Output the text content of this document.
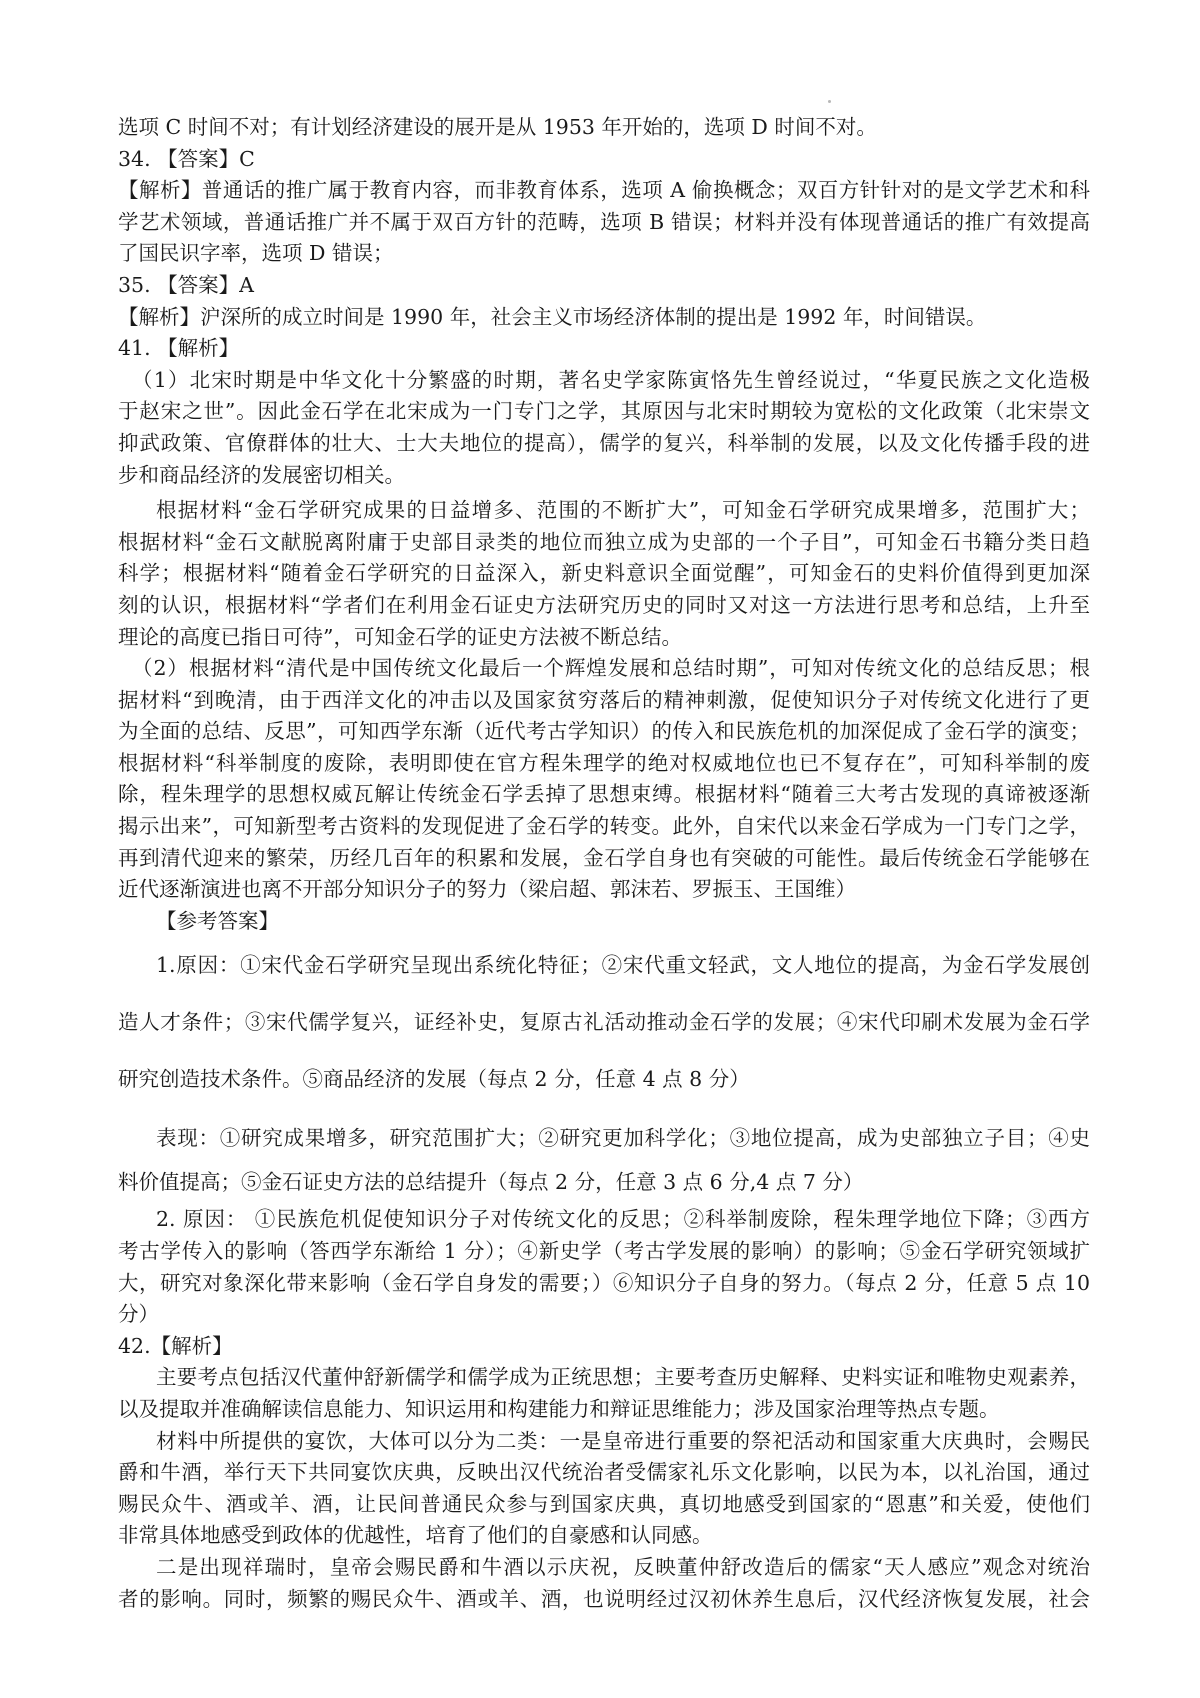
选项 C 时间不对；有计划经济建设的展开是从 1953 年开始的，选项 D 时间不对。
34. 【答案】C
【解析】普通话的推广属于教育内容，而非教育体系，选项 A 偷换概念；双百方针针对的是文学艺术和科
学艺术领域，普通话推广并不属于双百方针的范畴，选项 B 错误；材料并没有体现普通话的推广有效提高
了国民识字率，选项 D 错误；
35. 【答案】A
【解析】沪深所的成立时间是 1990 年，社会主义市场经济体制的提出是 1992 年，时间错误。
41. 【解析】
（1）北宋时期是中华文化十分繁盛的时期，著名史学家陈寅恪先生曾经说过，“华夏民族之文化造极
于赵宋之世”。因此金石学在北宋成为一门专门之学，其原因与北宋时期较为宽松的文化政策（北宋崇文
抑武政策、官僚群体的壮大、士大夫地位的提高），儒学的复兴，科举制的发展，以及文化传播手段的进
步和商品经济的发展密切相关。
根据材料“金石学研究成果的日益增多、范围的不断扩大”，可知金石学研究成果增多，范围扩大；
根据材料“金石文献脱离附庸于史部目录类的地位而独立成为史部的一个子目”，可知金石书籍分类日趋
科学；根据材料“随着金石学研究的日益深入，新史料意识全面觉醒”，可知金石的史料价值得到更加深
刻的认识，根据材料“学者们在利用金石证史方法研究历史的同时又对这一方法进行思考和总结，上升至
理论的高度已指日可待”，可知金石学的证史方法被不断总结。
（2）根据材料“清代是中国传统文化最后一个辉煌发展和总结时期”，可知对传统文化的总结反思；根
据材料“到晚清，由于西洋文化的冲击以及国家贫穷落后的精神刺激，促使知识分子对传统文化进行了更
为全面的总结、反思”，可知西学东渐（近代考古学知识）的传入和民族危机的加深促成了金石学的演变；
根据材料“科举制度的废除，表明即使在官方程朱理学的绝对权威地位也已不复存在”，可知科举制的废
除，程朱理学的思想权威瓦解让传统金石学丢掉了思想束缚。根据材料“随着三大考古发现的真谛被逐渐
揭示出来”，可知新型考古资料的发现促进了金石学的转变。此外，自宋代以来金石学成为一门专门之学，
再到清代迎来的繁荣，历经几百年的积累和发展，金石学自身也有突破的可能性。最后传统金石学能够在
近代逐渐演进也离不开部分知识分子的努力（梁启超、郭沫若、罗振玉、王国维）
【参考答案】
1.原因：①宋代金石学研究呈现出系统化特征；②宋代重文轻武，文人地位的提高，为金石学发展创
造人才条件；③宋代儒学复兴，证经补史，复原古礼活动推动金石学的发展；④宋代印刷术发展为金石学
研究创造技术条件。⑤商品经济的发展（每点 2 分，任意 4 点 8 分）
表现：①研究成果增多，研究范围扩大；②研究更加科学化；③地位提高，成为史部独立子目；④史
料价值提高；⑤金石证史方法的总结提升（每点 2 分，任意 3 点 6 分,4 点 7 分）
2. 原因： ①民族危机促使知识分子对传统文化的反思；②科举制废除，程朱理学地位下降；③西方
考古学传入的影响（答西学东渐给 1 分）；④新史学（考古学发展的影响）的影响；⑤金石学研究领域扩
大，研究对象深化带来影响（金石学自身发的需要；）⑥知识分子自身的努力。（每点 2 分，任意 5 点 10
分）
42.【解析】
主要考点包括汉代董仲舒新儒学和儒学成为正统思想；主要考查历史解释、史料实证和唯物史观素养，
以及提取并准确解读信息能力、知识运用和构建能力和辩证思维能力；涉及国家治理等热点专题。
材料中所提供的宴饮，大体可以分为二类：一是皇帝进行重要的祭祀活动和国家重大庆典时，会赐民
爵和牛酒，举行天下共同宴饮庆典，反映出汉代统治者受儒家礼乐文化影响，以民为本，以礼治国，通过
赐民众牛、酒或羊、酒，让民间普通民众参与到国家庆典，真切地感受到国家的“恩惠”和关爱，使他们
非常具体地感受到政体的优越性，培育了他们的自豪感和认同感。
二是出现祥瑞时，皇帝会赐民爵和牛酒以示庆祝，反映董仲舒改造后的儒家“天人感应”观念对统治
者的影响。同时，频繁的赐民众牛、酒或羊、酒，也说明经过汉初休养生息后，汉代经济恢复发展，社会
